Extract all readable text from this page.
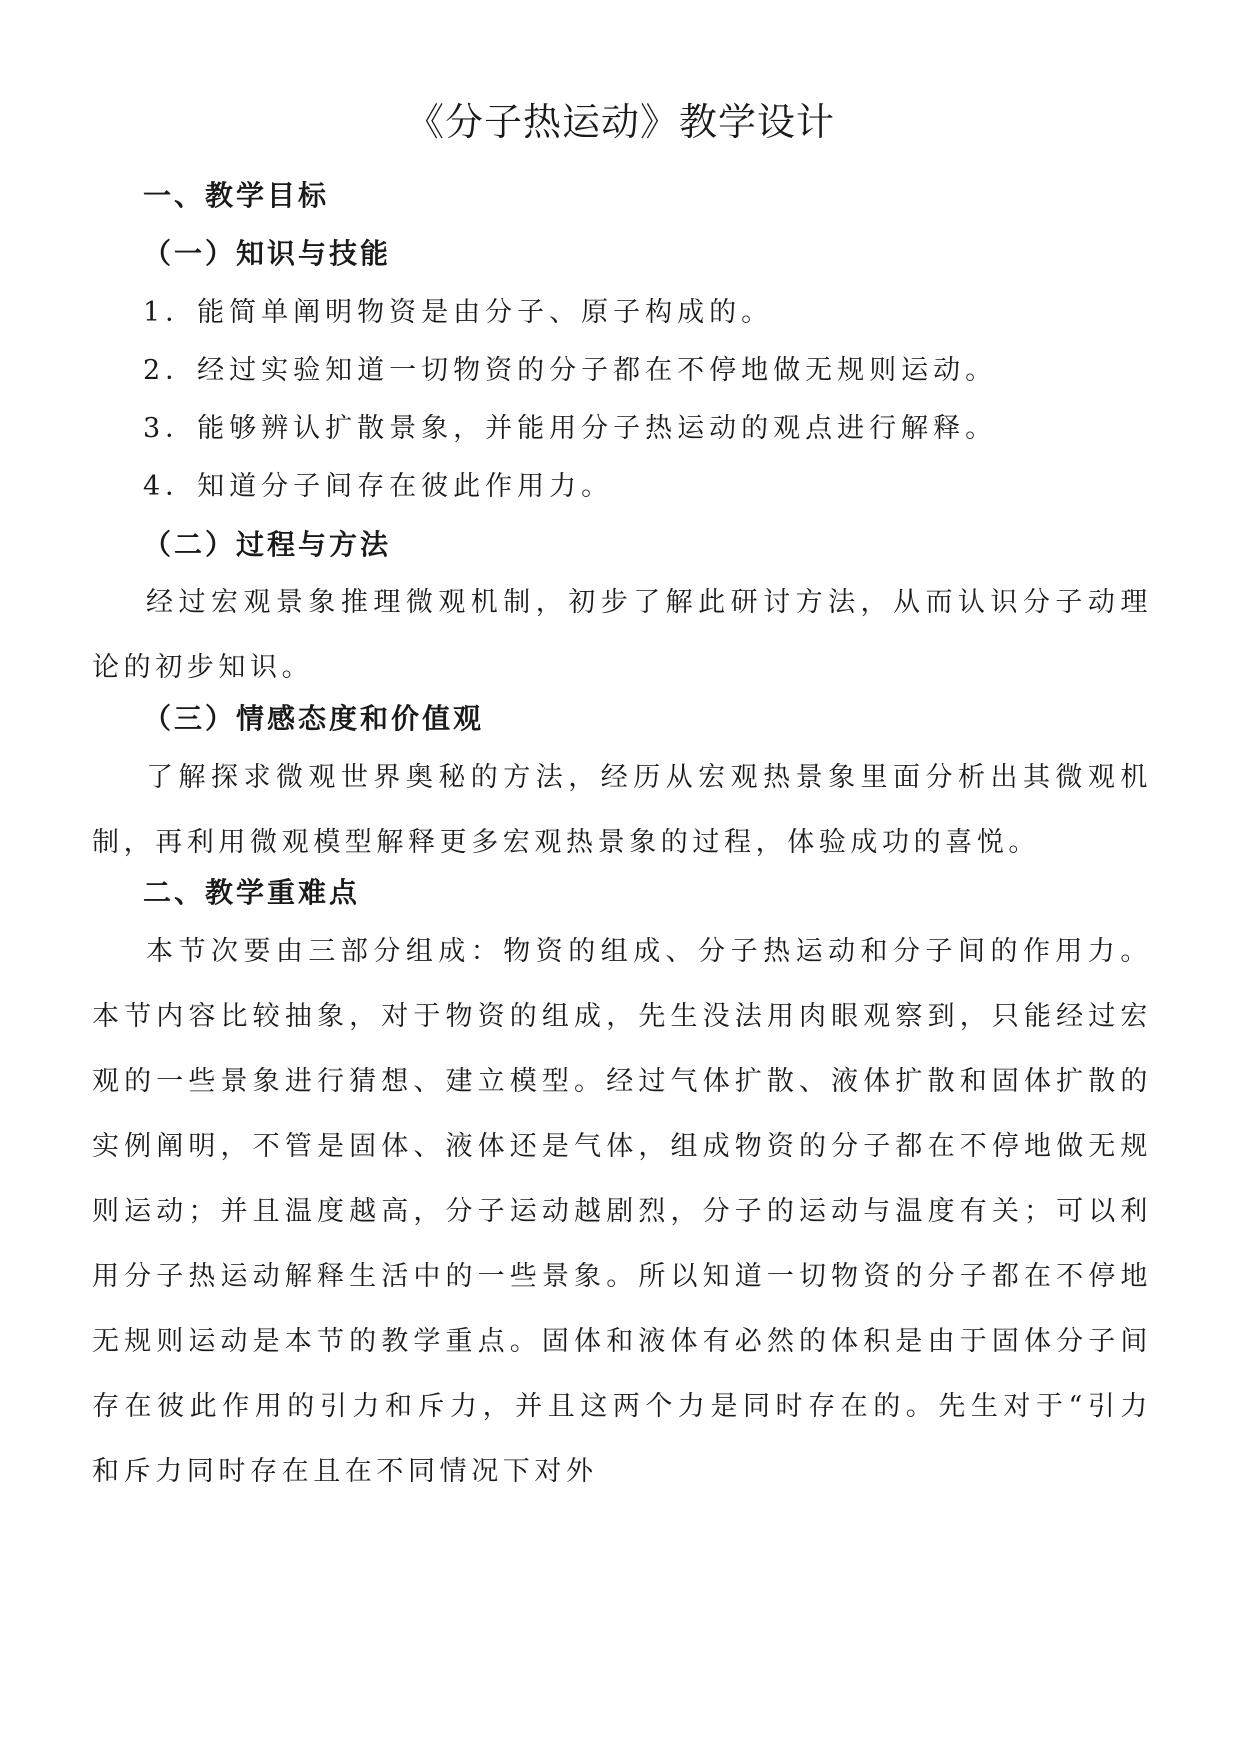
《分子热运动》教学设计
一、教学目标
（一）知识与技能
1．能简单阐明物资是由分子、原子构成的。
2．经过实验知道一切物资的分子都在不停地做无规则运动。
3．能够辨认扩散景象，并能用分子热运动的观点进行解释。
4．知道分子间存在彼此作用力。
（二）过程与方法
经过宏观景象推理微观机制，初步了解此研讨方法，从而认识分子动理论的初步知识。
（三）情感态度和价值观
了解探求微观世界奥秘的方法，经历从宏观热景象里面分析出其微观机制，再利用微观模型解释更多宏观热景象的过程，体验成功的喜悦。
二、教学重难点
本节次要由三部分组成：物资的组成、分子热运动和分子间的作用力。本节内容比较抽象，对于物资的组成，先生没法用肉眼观察到，只能经过宏观的一些景象进行猜想、建立模型。经过气体扩散、液体扩散和固体扩散的实例阐明，不管是固体、液体还是气体，组成物资的分子都在不停地做无规则运动；并且温度越高，分子运动越剧烈，分子的运动与温度有关；可以利用分子热运动解释生活中的一些景象。所以知道一切物资的分子都在不停地无规则运动是本节的教学重点。固体和液体有必然的体积是由于固体分子间存在彼此作用的引力和斥力，并且这两个力是同时存在的。先生对于“引力和斥力同时存在且在不同情况下对外
